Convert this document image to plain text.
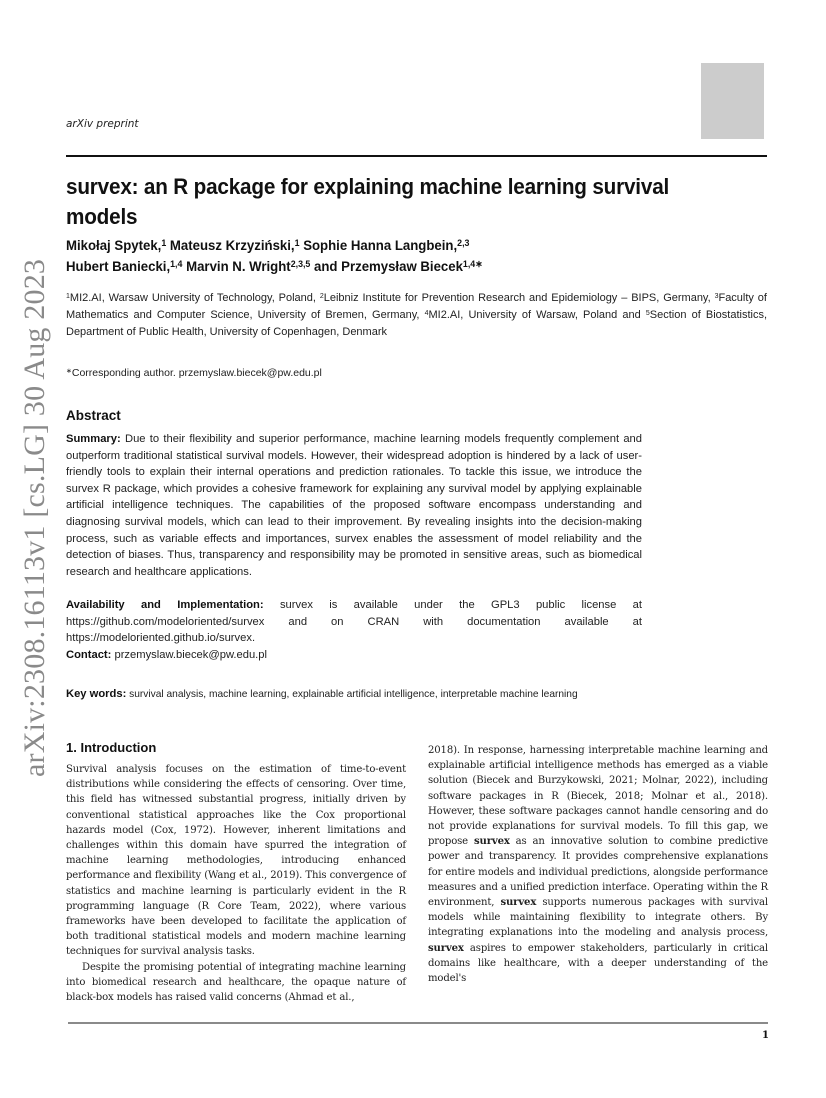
arXiv:2308.16113v1 [cs.LG] 30 Aug 2023
arXiv preprint
survex: an R package for explaining machine learning survival models
Mikołaj Spytek,$^1$ Mateusz Krzyziński,$^1$ Sophie Hanna Langbein,$^{2,3}$
Hubert Baniecki,$^{1,4}$ Marvin N. Wright$^{2,3,5}$ and Przemysław Biecek$^{1,4∗}$
$^1$MI2.AI, Warsaw University of Technology, Poland, $^2$Leibniz Institute for Prevention Research and Epidemiology – BIPS, Germany, $^3$Faculty of Mathematics and Computer Science, University of Bremen, Germany, $^4$MI2.AI, University of Warsaw, Poland and $^5$Section of Biostatistics, Department of Public Health, University of Copenhagen, Denmark
∗Corresponding author. przemyslaw.biecek@pw.edu.pl
Abstract
Summary: Due to their flexibility and superior performance, machine learning models frequently complement and outperform traditional statistical survival models. However, their widespread adoption is hindered by a lack of user-friendly tools to explain their internal operations and prediction rationales. To tackle this issue, we introduce the survex R package, which provides a cohesive framework for explaining any survival model by applying explainable artificial intelligence techniques. The capabilities of the proposed software encompass understanding and diagnosing survival models, which can lead to their improvement. By revealing insights into the decision-making process, such as variable effects and importances, survex enables the assessment of model reliability and the detection of biases. Thus, transparency and responsibility may be promoted in sensitive areas, such as biomedical research and healthcare applications.
Availability and Implementation: survex is available under the GPL3 public license at https://github.com/modeloriented/survex and on CRAN with documentation available at https://modeloriented.github.io/survex.
Contact: przemyslaw.biecek@pw.edu.pl
Key words: survival analysis, machine learning, explainable artificial intelligence, interpretable machine learning
1. Introduction

Survival analysis focuses on the estimation of time-to-event distributions while considering the effects of censoring. Over time, this field has witnessed substantial progress, initially driven by conventional statistical approaches like the Cox proportional hazards model (Cox, 1972). However, inherent limitations and challenges within this domain have spurred the integration of machine learning methodologies, introducing enhanced performance and flexibility (Wang et al., 2019). This convergence of statistics and machine learning is particularly evident in the R programming language (R Core Team, 2022), where various frameworks have been developed to facilitate the application of both traditional statistical models and modern machine learning techniques for survival analysis tasks.

Despite the promising potential of integrating machine learning into biomedical research and healthcare, the opaque nature of black-box models has raised valid concerns (Ahmad et al.,

2018). In response, harnessing interpretable machine learning and explainable artificial intelligence methods has emerged as a viable solution (Biecek and Burzykowski, 2021; Molnar, 2022), including software packages in R (Biecek, 2018; Molnar et al., 2018). However, these software packages cannot handle censoring and do not provide explanations for survival models. To fill this gap, we propose survex as an innovative solution to combine predictive power and transparency. It provides comprehensive explanations for entire models and individual predictions, alongside performance measures and a unified prediction interface. Operating within the R environment, survex supports numerous packages with survival models while maintaining flexibility to integrate others. By integrating explanations into the modeling and analysis process, survex aspires to empower stakeholders, particularly in critical domains like healthcare, with a deeper understanding of the model's

1
